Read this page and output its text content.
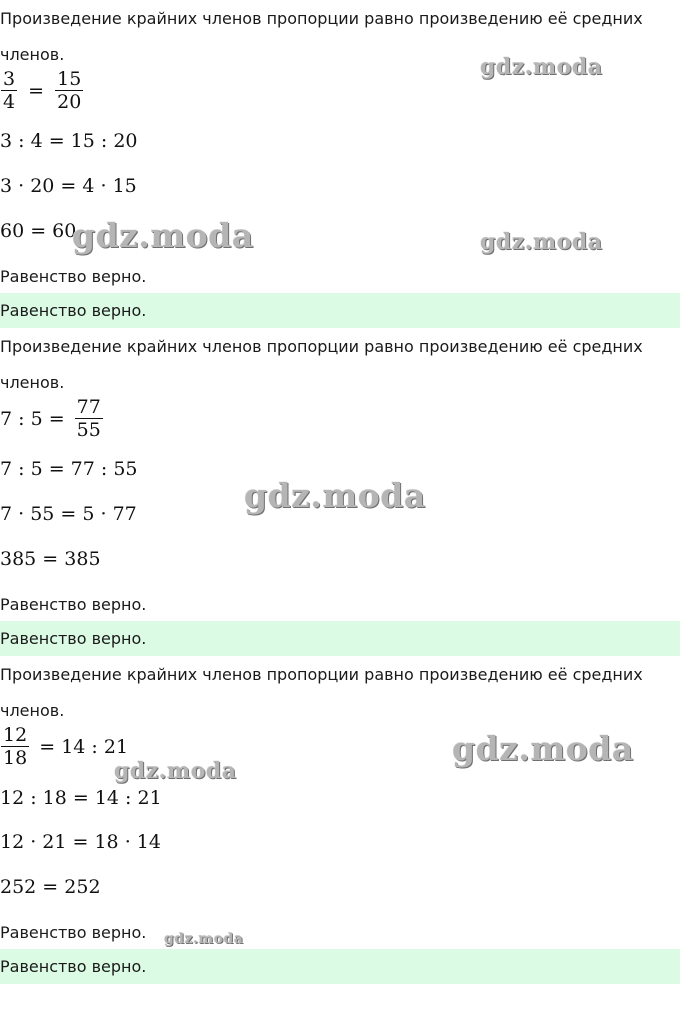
Произведение крайних членов пропорции равно произведению её средних
членов.
$\frac{3}{4} = \frac{15}{20}$
3 : 4 = 15 : 20
3 · 20 = 4 · 15
60 = 60
Равенство верно.
Равенство верно.
Произведение крайних членов пропорции равно произведению её средних
членов.
7 : $5 = \frac{77}{55}$
7 : 5 = 77 : 55
7 · 55 = 5 · 77
385 = 385
Равенство верно.
Равенство верно.
Произведение крайних членов пропорции равно произведению её средних
членов.
$\frac{12}{18} = 14$ : 21
12 : 18 = 14 : 21
12 · 21 = 18 · 14
252 = 252
Равенство верно.
Равенство верно.
gdz.moda
gdz.moda	gdz.moda
gdz.moda
gdz.moda
gdz.moda
gdz.moda
